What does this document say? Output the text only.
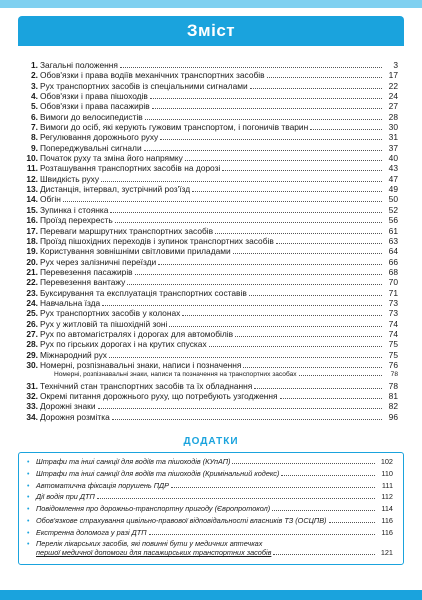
Зміст
1. Загальні положення	3
2. Обов'язки і права водіїв механічних транспортних засобів	17
3. Рух транспортних засобів із спеціальними сигналами	22
4. Обов'язки і права пішоходів	24
5. Обов'язки і права пасажирів	27
6. Вимоги до велосипедистів	28
7. Вимоги до осіб, які керують гужовим транспортом, і погоничів тварин	30
8. Регулювання дорожнього руху	31
9. Попереджувальні сигнали	37
10. Початок руху та зміна його напрямку	40
11. Розташування транспортних засобів на дорозі	43
12. Швидкість руху	47
13. Дистанція, інтервал, зустрічний роз'їзд	49
14. Обгін	50
15. Зупинка і стоянка	52
16. Проїзд перехресть	56
17. Переваги маршрутних транспортних засобів	61
18. Проїзд пішохідних переходів і зупинок транспортних засобів	63
19. Користування зовнішніми світловими приладами	64
20. Рух через залізничні переїзди	66
21. Перевезення пасажирів	68
22. Перевезення вантажу	70
23. Буксирування та експлуатація транспортних составів	71
24. Навчальна їзда	73
25. Рух транспортних засобів у колонах	73
26. Рух у житловій та пішохідній зоні	74
27. Рух по автомагістралях і дорогах для автомобілів	74
28. Рух по гірських дорогах і на крутих спусках	75
29. Міжнародний рух	75
30. Номерні, розпізнавальні знаки, написи і позначення	76
Номерні, розпізнавальні знаки, написи та позначення на транспортних засобах	78
31. Технічний стан транспортних засобів та їх обладнання	78
32. Окремі питання дорожнього руху, що потребують узгодження	81
33. Дорожні знаки	82
34. Дорожня розмітка	96
ДОДАТКИ
• Штрафи та інші санкції для водіїв та пішоходів (КУпАП)	102
• Штрафи та інші санкції для водіїв та пішоходів (Кримінальний кодекс)	110
• Автоматична фіксація порушень ПДР	111
• Дії водія при ДТП	112
• Повідомлення про дорожньо-транспортну пригоду (Європротокол)	114
• Обов'язкове страхування цивільно-правової відповідальності власників ТЗ (ОСЦПВ)	116
• Екстренна допомога у разі ДТП	116
• Перелік лікарських засобів, які повинні бути у медичних аптечках
першої медичної допомоги для пасажирських транспортних засобів	121
